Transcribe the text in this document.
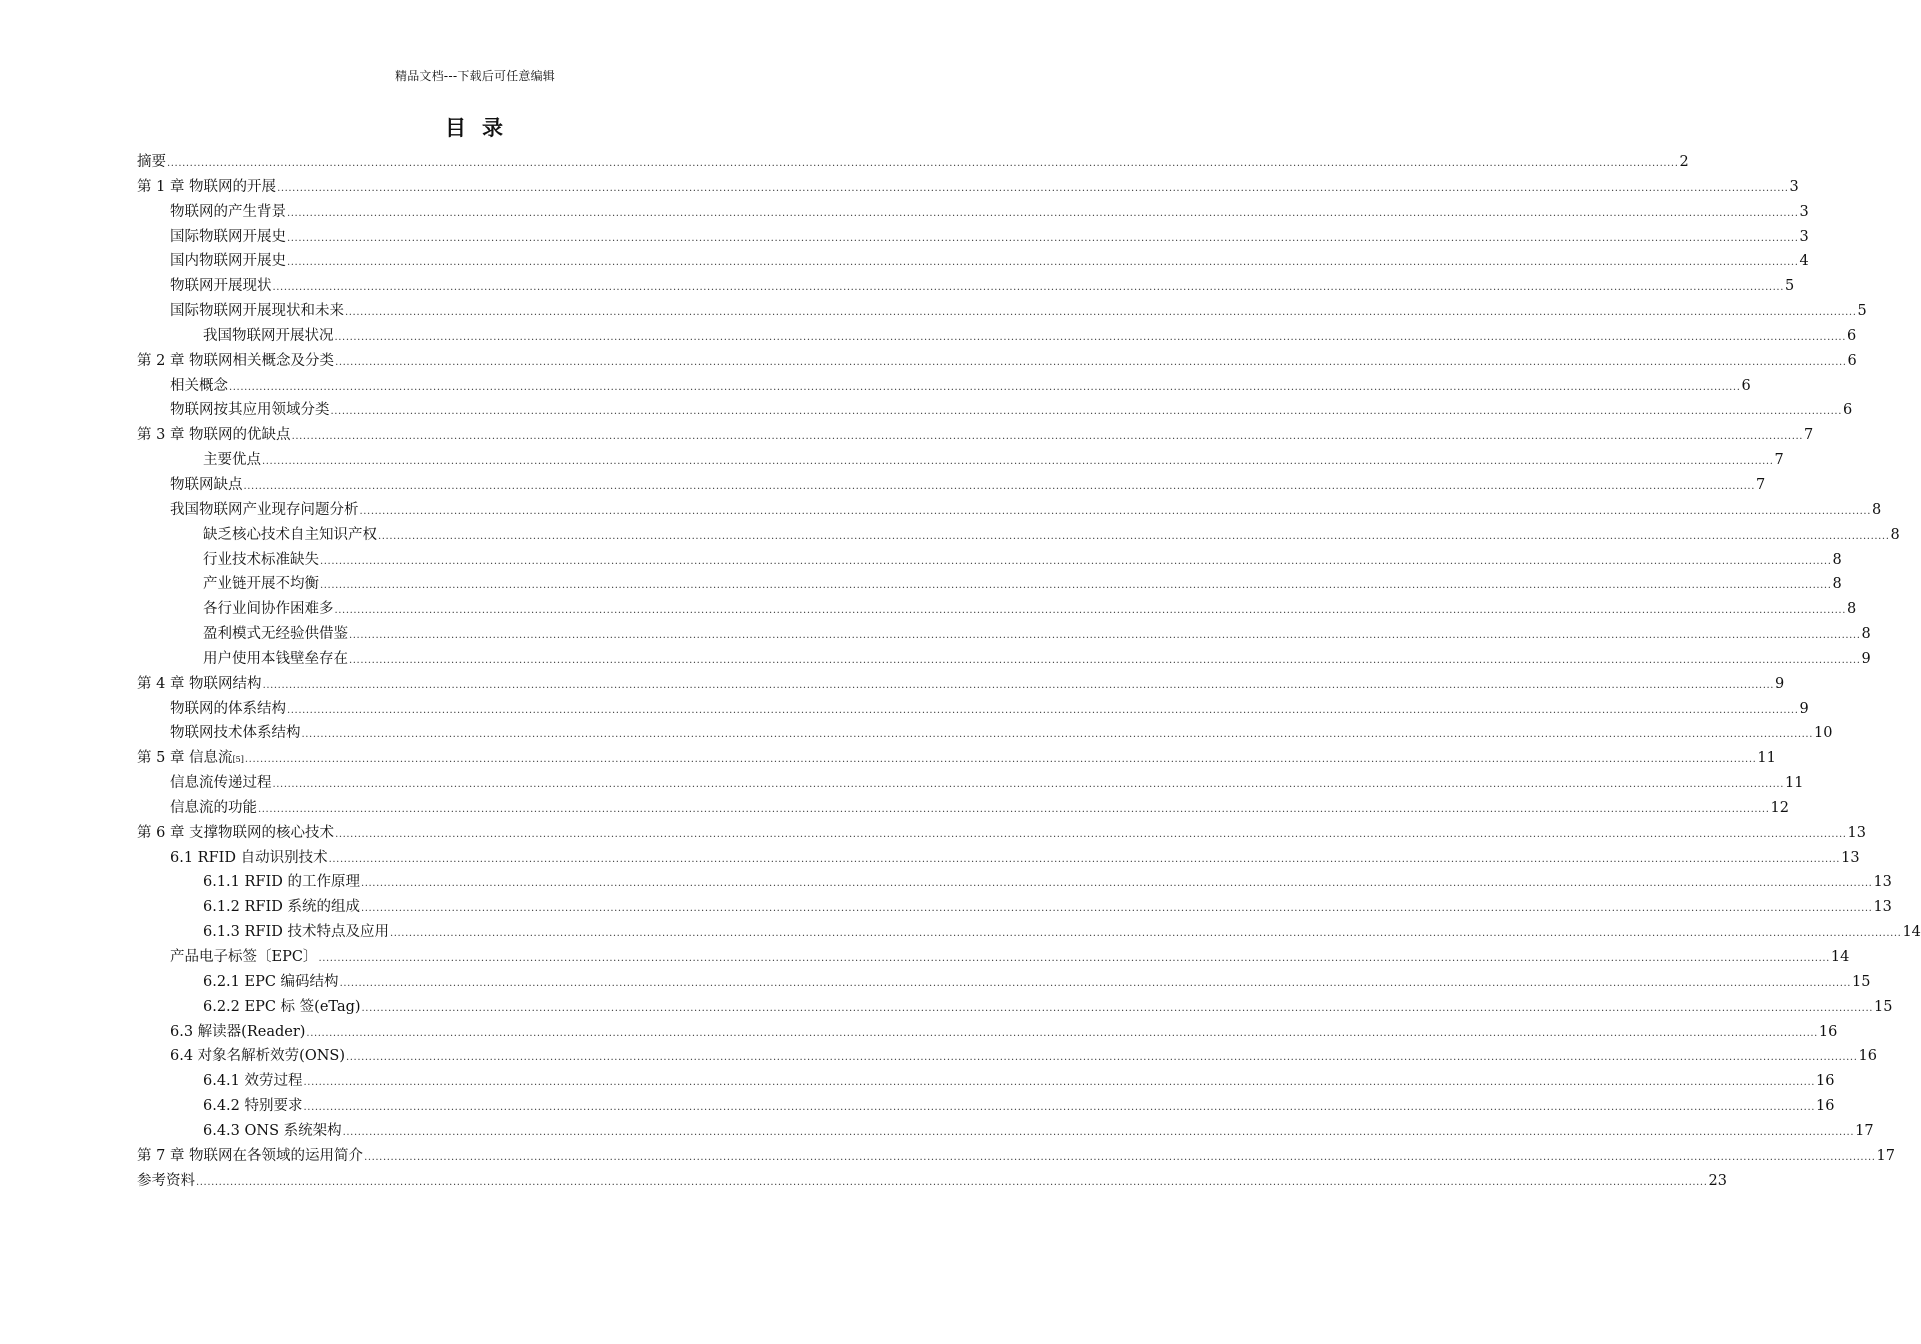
精品文档---下载后可任意编辑
目 录
摘要 ................................................................................................................................................................................................................................................................................................................................................................................................................ 2
第 1 章 物联网的开展 ................................................................................................................................................................................................................................................................................................................................................................................................................ 3
物联网的产生背景 ................................................................................................................................................................................................................................................................................................................................................................................................................ 3
国际物联网开展史 ................................................................................................................................................................................................................................................................................................................................................................................................................ 3
国内物联网开展史 ................................................................................................................................................................................................................................................................................................................................................................................................................ 4
物联网开展现状 ................................................................................................................................................................................................................................................................................................................................................................................................................ 5
国际物联网开展现状和未来 ................................................................................................................................................................................................................................................................................................................................................................................................................ 5
我国物联网开展状况 ................................................................................................................................................................................................................................................................................................................................................................................................................ 6
第 2 章 物联网相关概念及分类 ................................................................................................................................................................................................................................................................................................................................................................................................................ 6
相关概念 ................................................................................................................................................................................................................................................................................................................................................................................................................ 6
物联网按其应用领域分类 ................................................................................................................................................................................................................................................................................................................................................................................................................ 6
第 3 章 物联网的优缺点 ................................................................................................................................................................................................................................................................................................................................................................................................................ 7
主要优点 ................................................................................................................................................................................................................................................................................................................................................................................................................ 7
物联网缺点 ................................................................................................................................................................................................................................................................................................................................................................................................................ 7
我国物联网产业现存问题分析 ................................................................................................................................................................................................................................................................................................................................................................................................................ 8
缺乏核心技术自主知识产权 ................................................................................................................................................................................................................................................................................................................................................................................................................ 8
行业技术标准缺失 ................................................................................................................................................................................................................................................................................................................................................................................................................ 8
产业链开展不均衡 ................................................................................................................................................................................................................................................................................................................................................................................................................ 8
各行业间协作困难多 ................................................................................................................................................................................................................................................................................................................................................................................................................ 8
盈利模式无经验供借鉴 ................................................................................................................................................................................................................................................................................................................................................................................................................ 8
用户使用本钱壁垒存在 ................................................................................................................................................................................................................................................................................................................................................................................................................ 9
第 4 章 物联网结构 ................................................................................................................................................................................................................................................................................................................................................................................................................ 9
物联网的体系结构 ................................................................................................................................................................................................................................................................................................................................................................................................................ 9
物联网技术体系结构 ................................................................................................................................................................................................................................................................................................................................................................................................................ 10
第 5 章 信息流 [5] ................................................................................................................................................................................................................................................................................................................................................................................................................ 11
信息流传递过程 ................................................................................................................................................................................................................................................................................................................................................................................................................ 11
信息流的功能 ................................................................................................................................................................................................................................................................................................................................................................................................................ 12
第 6 章 支撑物联网的核心技术 ................................................................................................................................................................................................................................................................................................................................................................................................................ 13
6.1 RFID 自动识别技术 ................................................................................................................................................................................................................................................................................................................................................................................................................ 13
6.1.1 RFID 的工作原理 ................................................................................................................................................................................................................................................................................................................................................................................................................ 13
6.1.2 RFID 系统的组成 ................................................................................................................................................................................................................................................................................................................................................................................................................ 13
6.1.3 RFID 技术特点及应用 ................................................................................................................................................................................................................................................................................................................................................................................................................ 14
产品电子标签〔EPC〕 ................................................................................................................................................................................................................................................................................................................................................................................................................ 14
6.2.1 EPC 编码结构 ................................................................................................................................................................................................................................................................................................................................................................................................................ 15
6.2.2 EPC 标 签(eTag) ................................................................................................................................................................................................................................................................................................................................................................................................................ 15
6.3 解读器(Reader) ................................................................................................................................................................................................................................................................................................................................................................................................................ 16
6.4 对象名解析效劳(ONS) ................................................................................................................................................................................................................................................................................................................................................................................................................ 16
6.4.1 效劳过程 ................................................................................................................................................................................................................................................................................................................................................................................................................ 16
6.4.2 特别要求 ................................................................................................................................................................................................................................................................................................................................................................................................................ 16
6.4.3 ONS 系统架构 ................................................................................................................................................................................................................................................................................................................................................................................................................ 17
第 7 章 物联网在各领域的运用简介 ................................................................................................................................................................................................................................................................................................................................................................................................................ 17
参考资料 ................................................................................................................................................................................................................................................................................................................................................................................................................ 23
